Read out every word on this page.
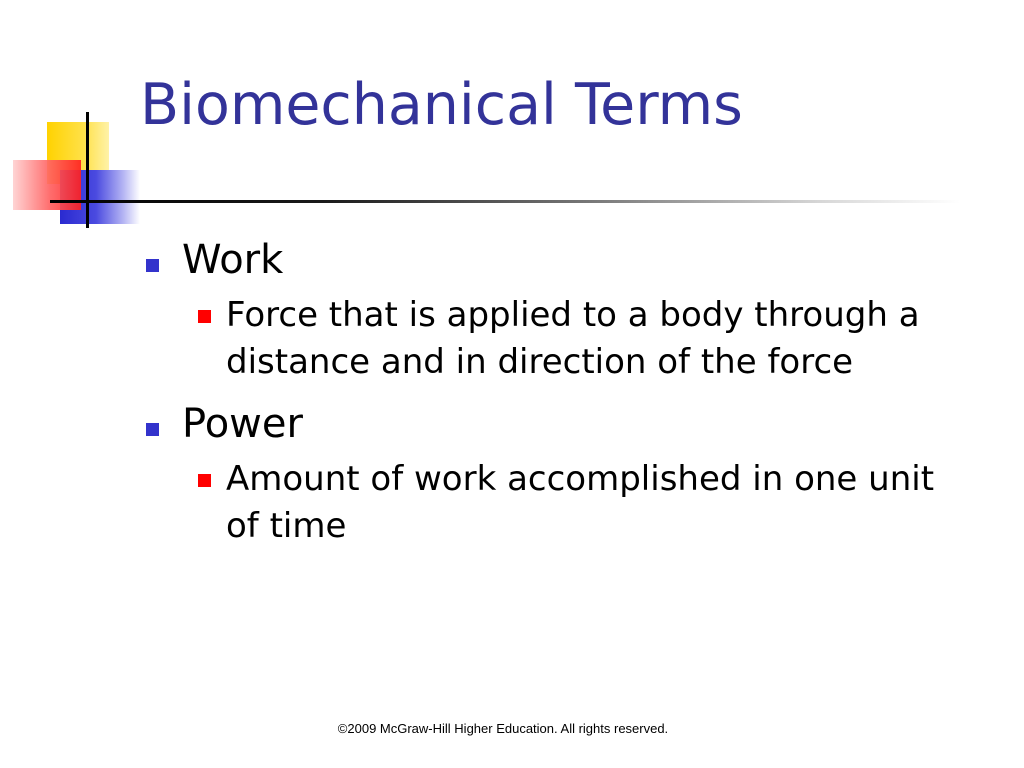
Biomechanical Terms
Work
Force that is applied to a body through a distance and in direction of the force
Power
Amount of work accomplished in one unit of time
©2009 McGraw-Hill Higher Education. All rights reserved.
